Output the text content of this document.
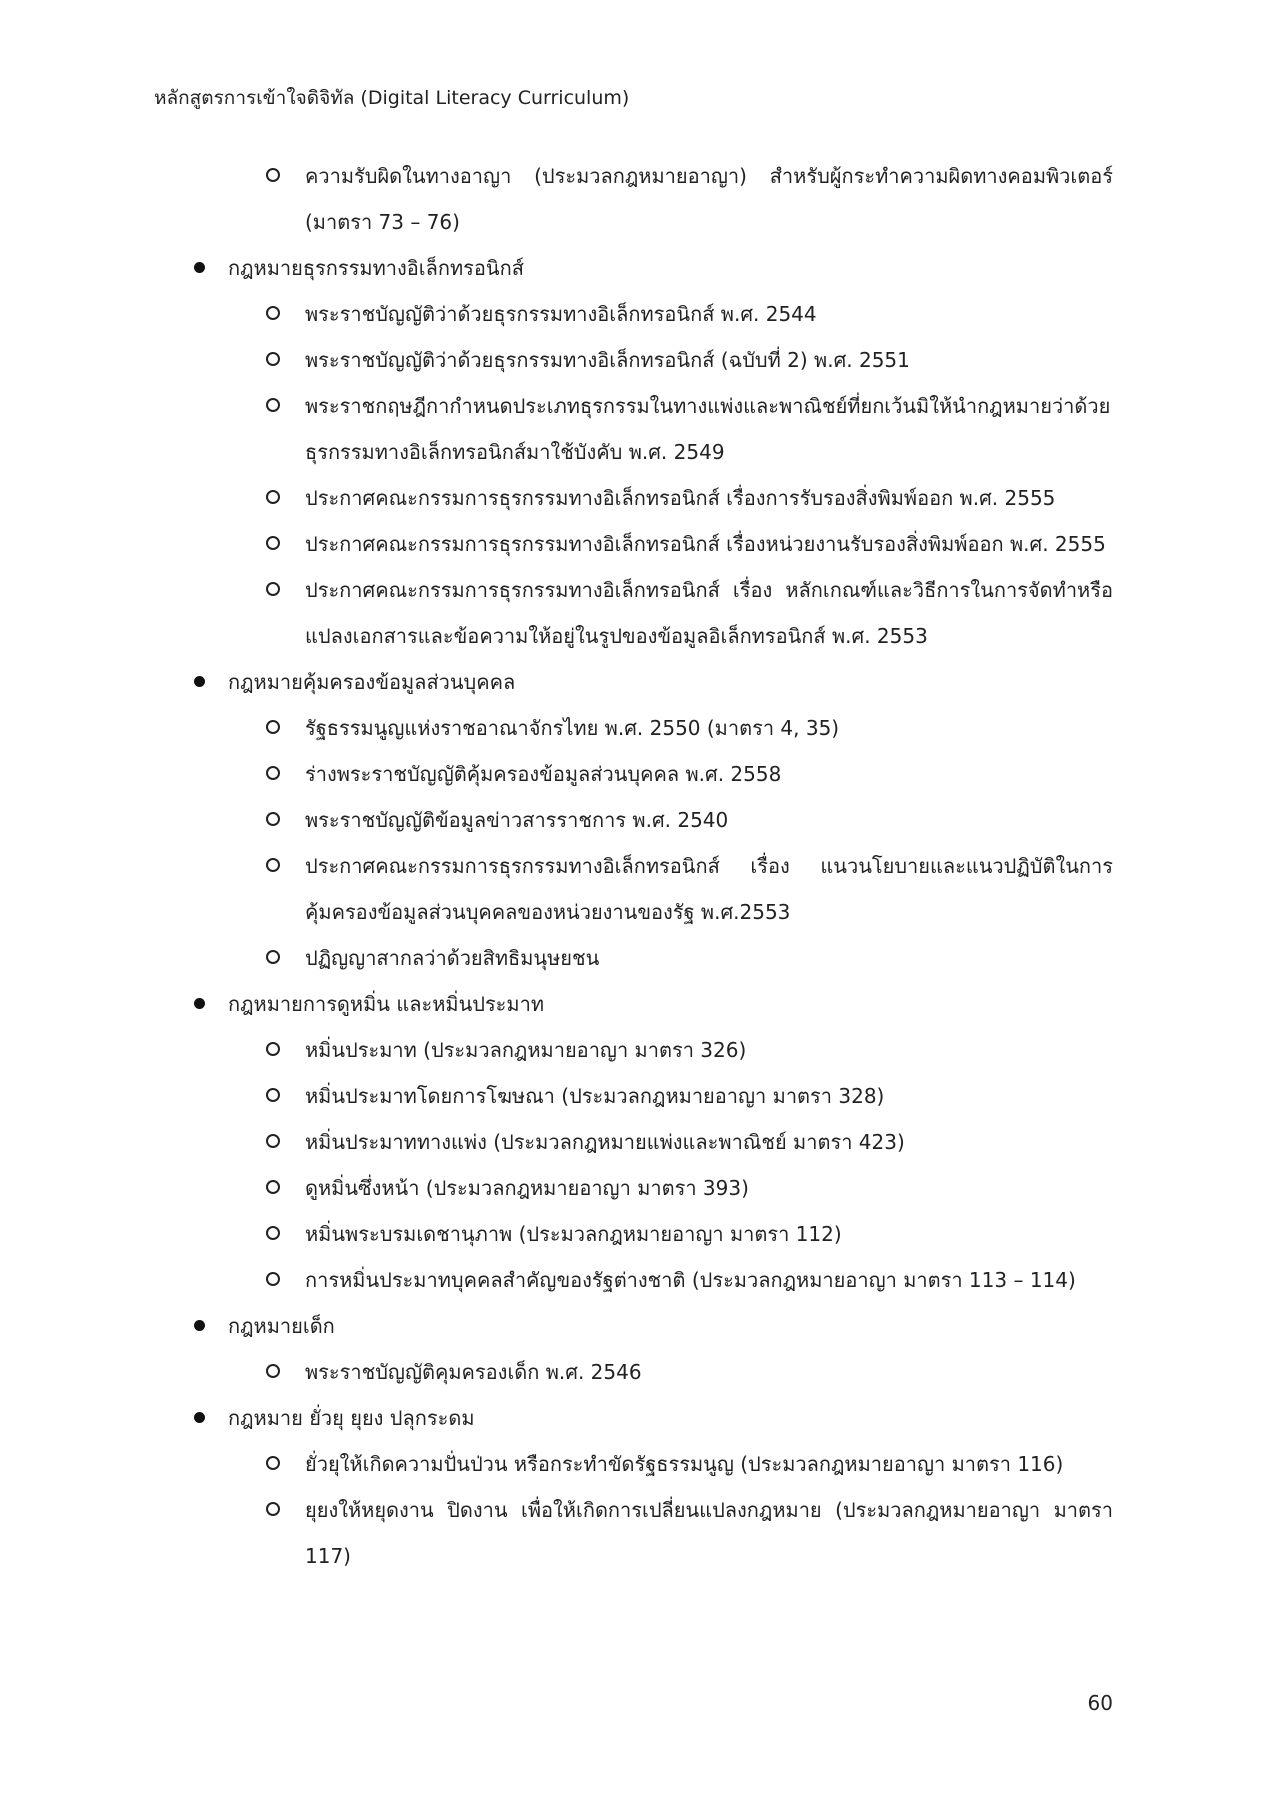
หลักสูตรการเข้าใจดิจิทัล (Digital Literacy Curriculum)
ความรับผิดในทางอาญา (ประมวลกฎหมายอาญา) สำหรับผู้กระทำความผิดทางคอมพิวเตอร์ (มาตรา 73 – 76)
กฎหมายธุรกรรมทางอิเล็กทรอนิกส์
พระราชบัญญัติว่าด้วยธุรกรรมทางอิเล็กทรอนิกส์ พ.ศ. 2544
พระราชบัญญัติว่าด้วยธุรกรรมทางอิเล็กทรอนิกส์ (ฉบับที่ 2) พ.ศ. 2551
พระราชกฤษฎีกากำหนดประเภทธุรกรรมในทางแพ่งและพาณิชย์ที่ยกเว้นมิให้นำกฎหมายว่าด้วยธุรกรรมทางอิเล็กทรอนิกส์มาใช้บังคับ พ.ศ. 2549
ประกาศคณะกรรมการธุรกรรมทางอิเล็กทรอนิกส์ เรื่องการรับรองสิ่งพิมพ์ออก พ.ศ. 2555
ประกาศคณะกรรมการธุรกรรมทางอิเล็กทรอนิกส์ เรื่องหน่วยงานรับรองสิ่งพิมพ์ออก พ.ศ. 2555
ประกาศคณะกรรมการธุรกรรมทางอิเล็กทรอนิกส์ เรื่อง หลักเกณฑ์และวิธีการในการจัดทำหรือแปลงเอกสารและข้อความให้อยู่ในรูปของข้อมูลอิเล็กทรอนิกส์ พ.ศ. 2553
กฎหมายคุ้มครองข้อมูลส่วนบุคคล
รัฐธรรมนูญแห่งราชอาณาจักรไทย พ.ศ. 2550 (มาตรา 4, 35)
ร่างพระราชบัญญัติคุ้มครองข้อมูลส่วนบุคคล พ.ศ. 2558
พระราชบัญญัติข้อมูลข่าวสารราชการ พ.ศ. 2540
ประกาศคณะกรรมการธุรกรรมทางอิเล็กทรอนิกส์ เรื่อง แนวนโยบายและแนวปฏิบัติในการคุ้มครองข้อมูลส่วนบุคคลของหน่วยงานของรัฐ พ.ศ.2553
ปฏิญญาสากลว่าด้วยสิทธิมนุษยชน
กฎหมายการดูหมิ่น และหมิ่นประมาท
หมิ่นประมาท (ประมวลกฎหมายอาญา มาตรา 326)
หมิ่นประมาทโดยการโฆษณา (ประมวลกฎหมายอาญา มาตรา 328)
หมิ่นประมาททางแพ่ง (ประมวลกฎหมายแพ่งและพาณิชย์ มาตรา 423)
ดูหมิ่นซึ่งหน้า (ประมวลกฎหมายอาญา มาตรา 393)
หมิ่นพระบรมเดชานุภาพ (ประมวลกฎหมายอาญา มาตรา 112)
การหมิ่นประมาทบุคคลสำคัญของรัฐต่างชาติ (ประมวลกฎหมายอาญา มาตรา 113 – 114)
กฎหมายเด็ก
พระราชบัญญัติคุมครองเด็ก พ.ศ. 2546
กฎหมาย ยั่วยุ ยุยง ปลุกระดม
ยั่วยุให้เกิดความปั่นป่วน หรือกระทำขัดรัฐธรรมนูญ (ประมวลกฎหมายอาญา มาตรา 116)
ยุยงให้หยุดงาน ปิดงาน เพื่อให้เกิดการเปลี่ยนแปลงกฎหมาย (ประมวลกฎหมายอาญา มาตรา 117)
60
